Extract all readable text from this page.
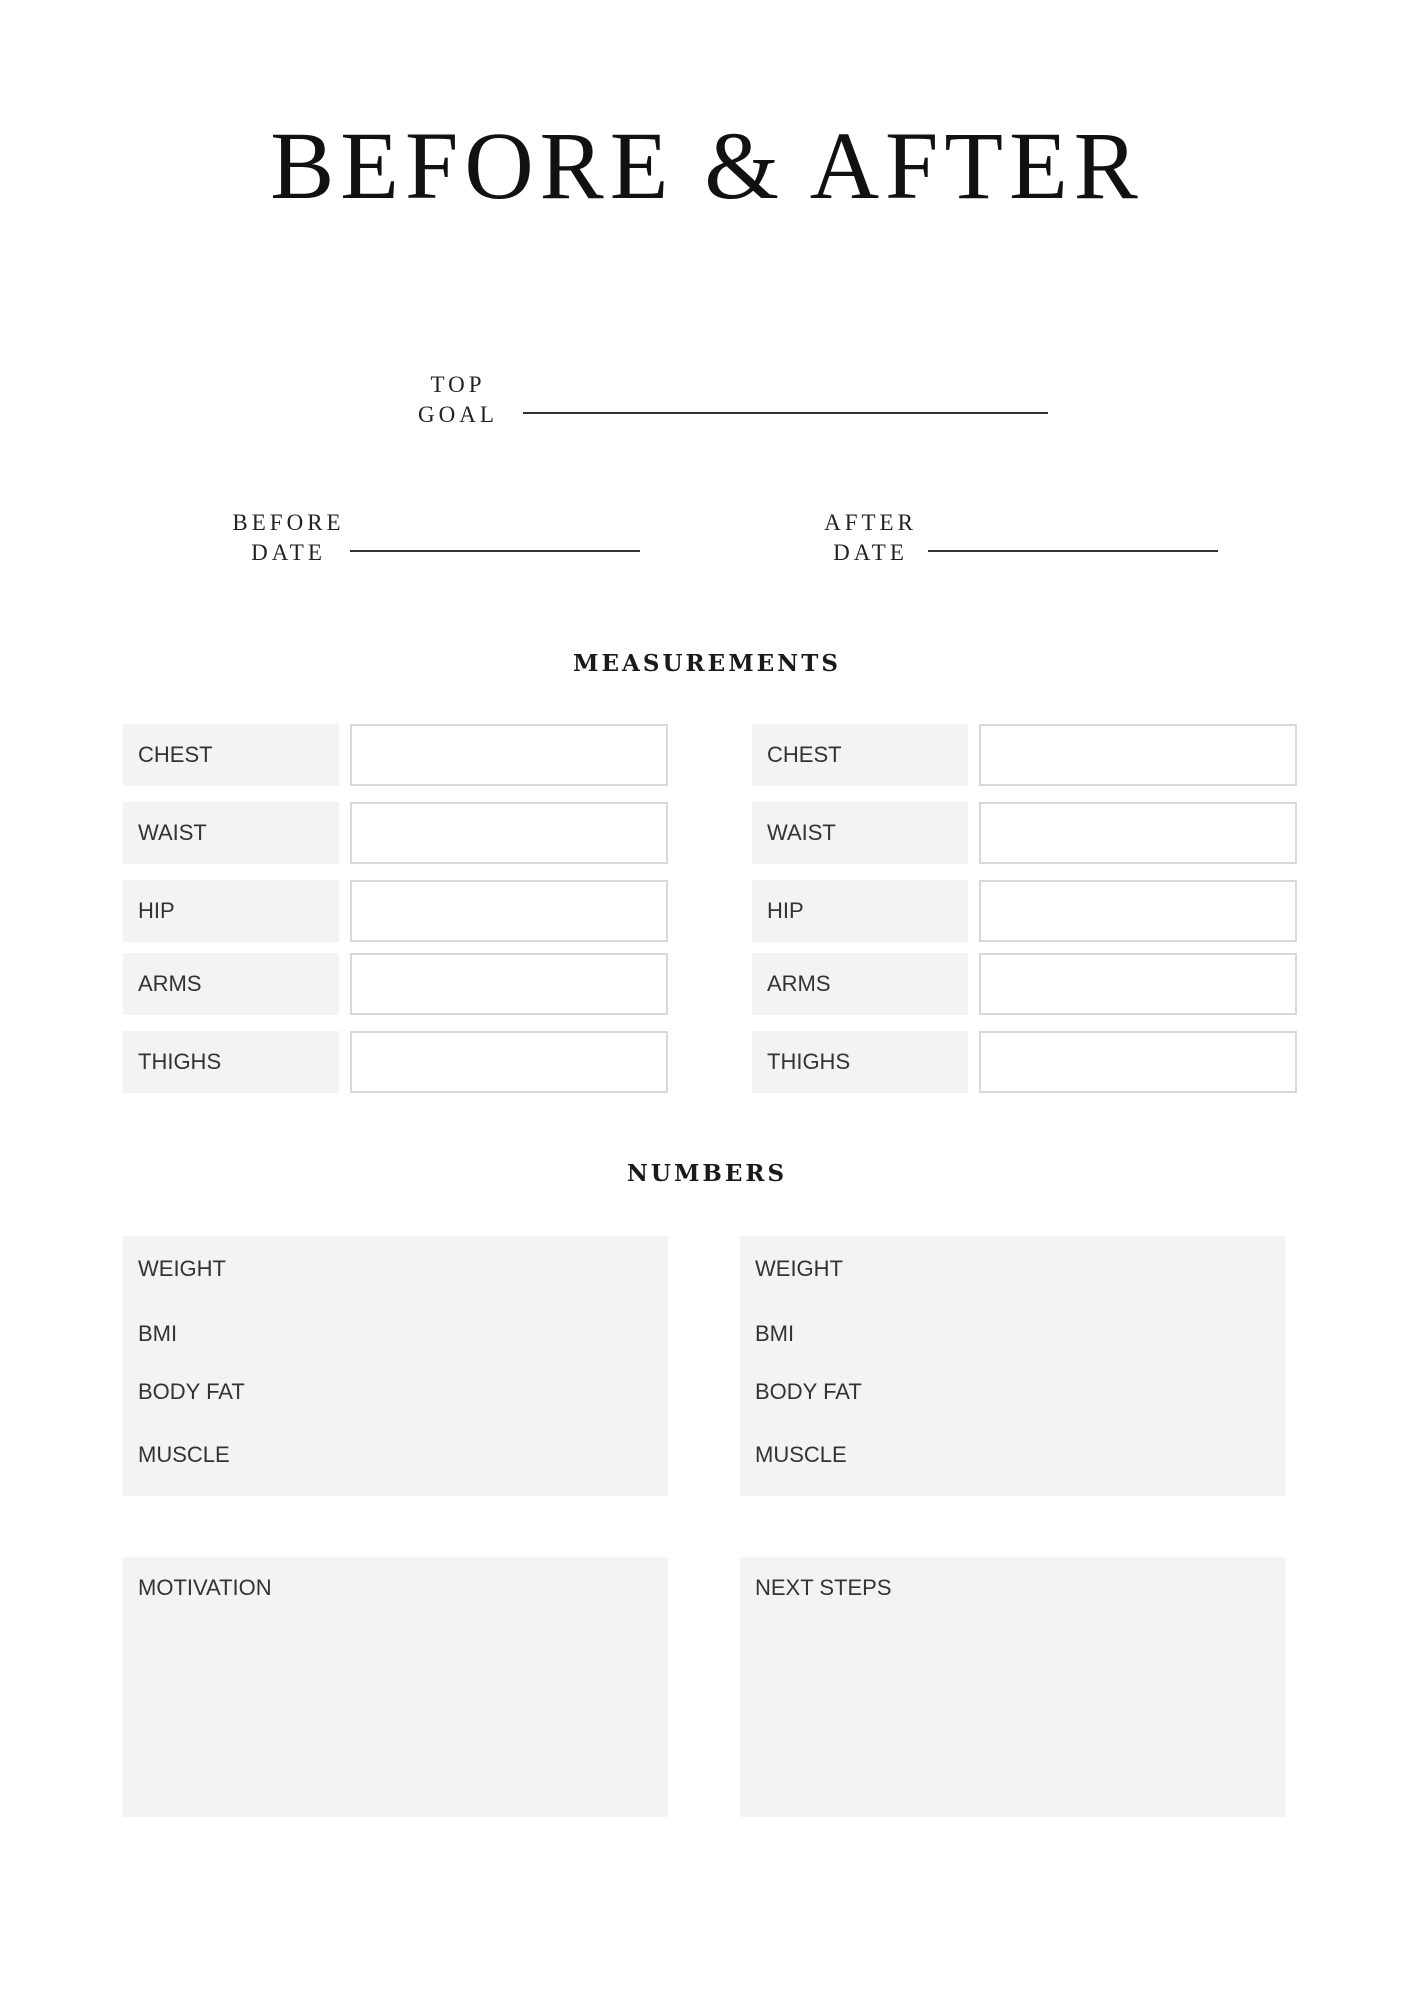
BEFORE & AFTER
TOP
GOAL
BEFORE
DATE
AFTER
DATE
MEASUREMENTS
CHEST
WAIST
HIP
ARMS
THIGHS
CHEST
WAIST
HIP
ARMS
THIGHS
NUMBERS
WEIGHT
BMI
BODY FAT
MUSCLE
WEIGHT
BMI
BODY FAT
MUSCLE
MOTIVATION	NEXT STEPS
